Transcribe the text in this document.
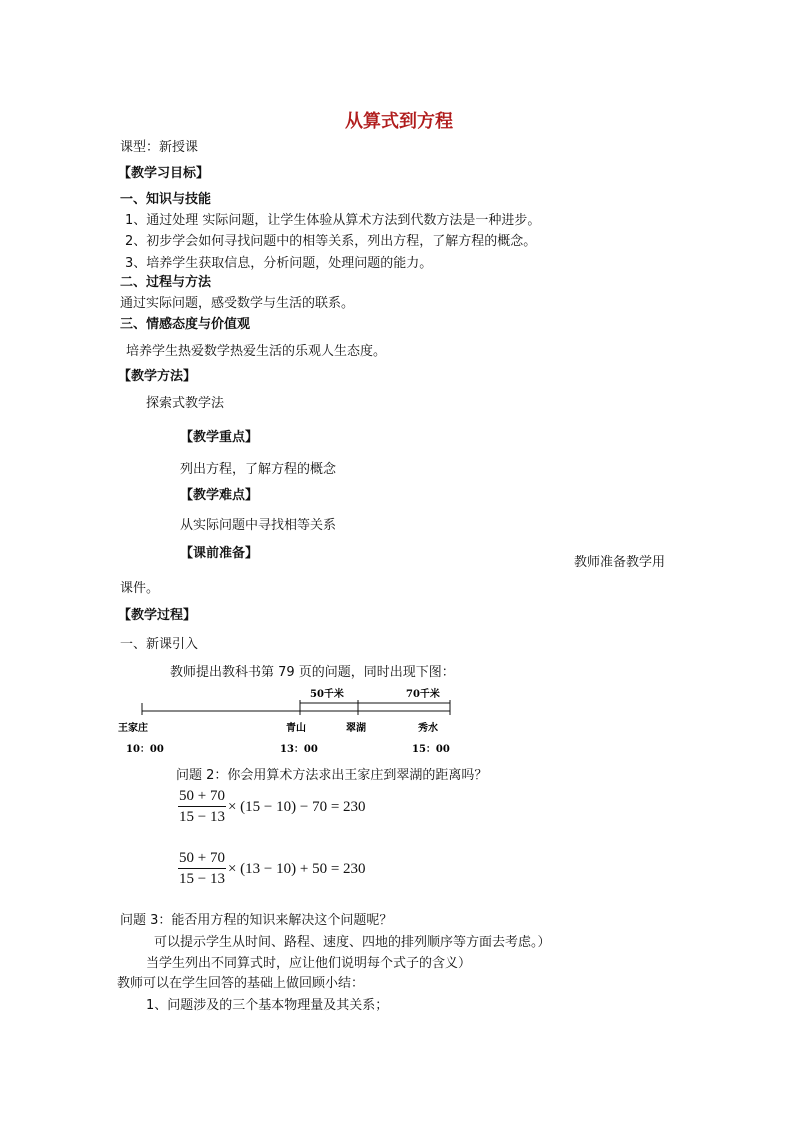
从算式到方程
课型：新授课
【教学习目标】
一、知识与技能
1、通过处理 实际问题，让学生体验从算术方法到代数方法是一种进步。
2、初步学会如何寻找问题中的相等关系，列出方程，了解方程的概念。
3、培养学生获取信息，分析问题，处理问题的能力。
二、过程与方法
通过实际问题，感受数学与生活的联系。
三、情感态度与价值观
培养学生热爱数学热爱生活的乐观人生态度。
【教学方法】
探索式教学法
【教学重点】
列出方程，了解方程的概念
【教学难点】
从实际问题中寻找相等关系
【课前准备】
教师准备教学用
课件。
【教学过程】
一、新课引入
教师提出教科书第 79 页的问题，同时出现下图：
50千米	70千米
王家庄	青山	翠湖	秀水
10：00	13：00	15：00
问题 2：你会用算术方法求出王家庄到翠湖的距离吗？
$\frac{50 + 70}{15 - 13} \times (15 - 10) - 70 = 230$
$\frac{50 + 70}{15 - 13} \times (13 - 10) + 50 = 230$
问题 3：能否用方程的知识来解决这个问题呢？
可以提示学生从时间、路程、速度、四地的排列顺序等方面去考虑。）
当学生列出不同算式时，应让他们说明每个式子的含义）
教师可以在学生回答的基础上做回顾小结：
1、问题涉及的三个基本物理量及其关系；
